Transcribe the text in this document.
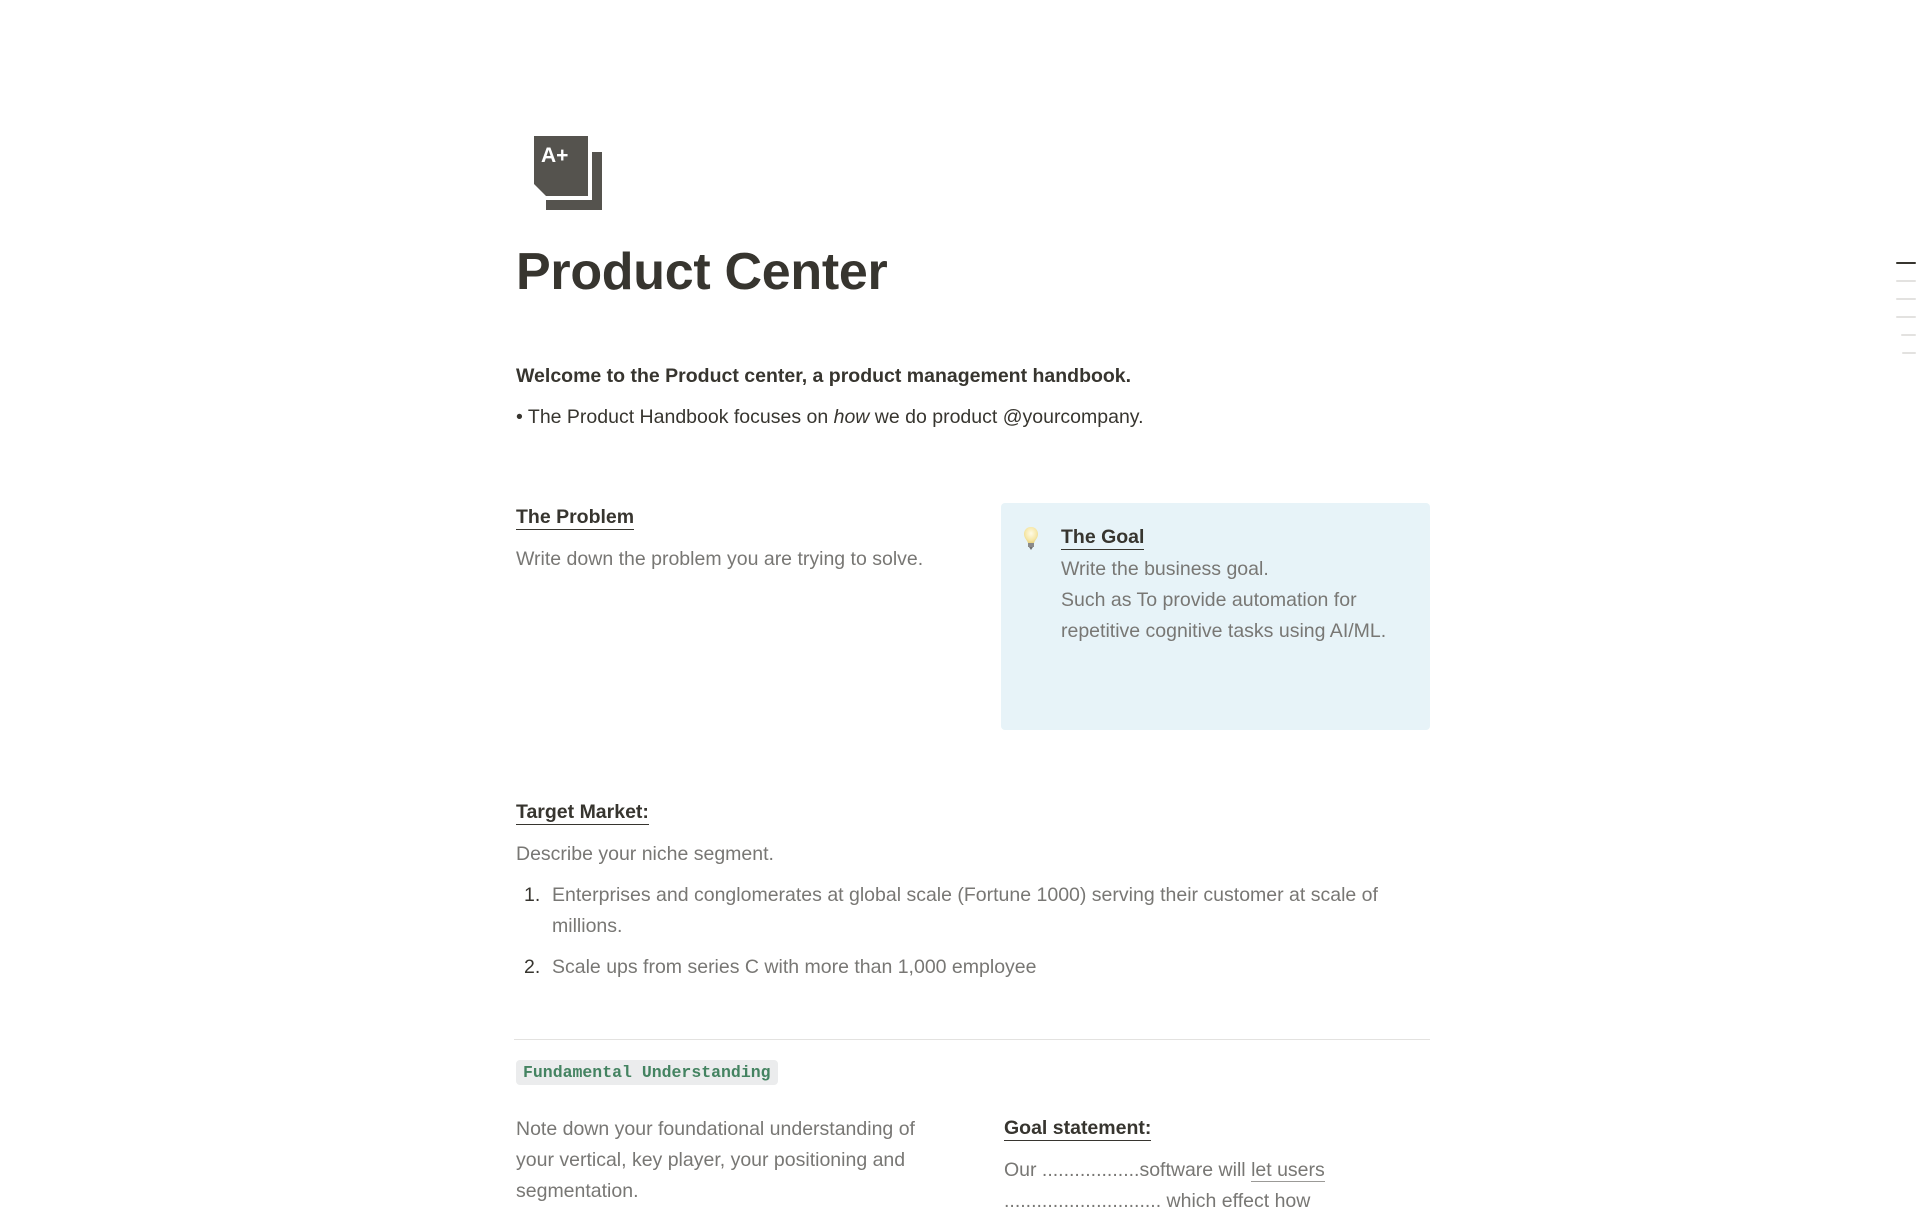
A+
Product Center

Welcome to the Product center, a product management handbook.

• The Product Handbook focuses on how we do product @yourcompany.

The Problem

Write down the problem you are trying to solve.

The Goal

Write the business goal.

Such as To provide automation for repetitive cognitive tasks using AI/ML.

Target Market:

Describe your niche segment.

1. Enterprises and conglomerates at global scale (Fortune 1000) serving their customer at scale of millions.
2. Scale ups from series C with more than 1,000 employee
Fundamental Understanding

Note down your foundational understanding of your vertical, key player, your positioning and segmentation.

Goal statement:

Our ..................software will let users ............................. which effect how
